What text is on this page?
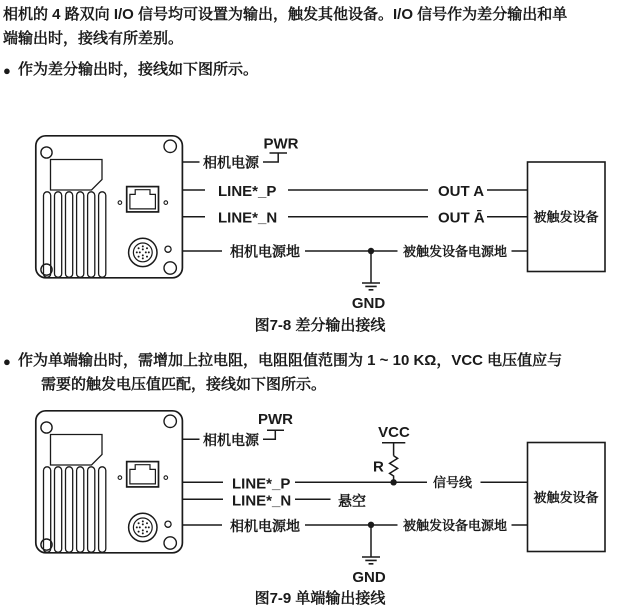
相机的 4 路双向 I/O 信号均可设置为输出，触发其他设备。I/O 信号作为差分输出和单
端输出时，接线有所差别。
● 作为差分输出时，接线如下图所示。
● 作为单端输出时，需增加上拉电阻，电阻阻值范围为 1 ~ 10 KΩ，VCC 电压值应与
需要的触发电压值匹配，接线如下图所示。
图7-8 差分输出接线
图7-9 单端输出接线
PWR
相机电源
LINE*_P
LINE*_N
相机电源地
OUT A
OUT Ā
被触发设备电源地
GND
被触发设备
PWR
相机电源	VCC
R
LINE*_P
LINE*_N
信号线
悬空
相机电源地	被触发设备电源地
GND
被触发设备
